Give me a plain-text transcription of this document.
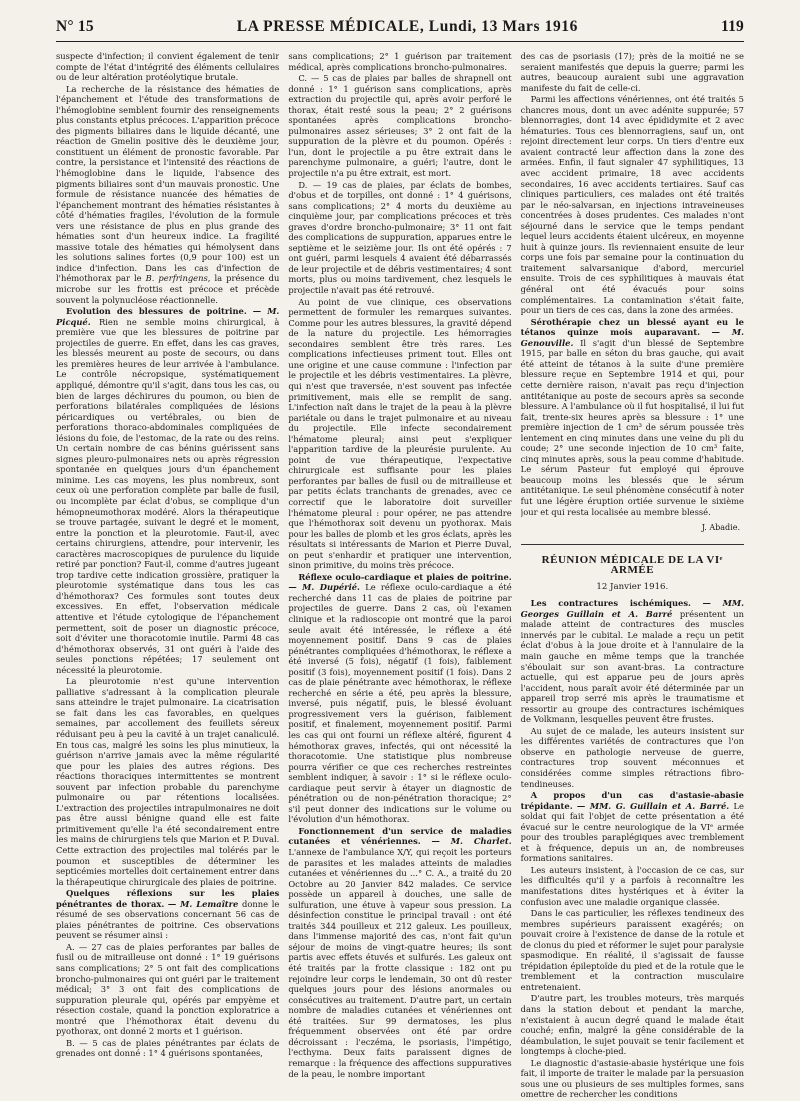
N° 15	LA PRESSE MÉDICALE, Lundi, 13 Mars 1916	119

suspecte d'infection; il convient également de tenir compte de l'état d'intégrité des éléments cellulaires ou de leur altération protéolytique brutale.

La recherche de la résistance des hématies de l'épanchement et l'étude des transformations de l'hémoglobine semblent fournir des renseignements plus constants etplus précoces. L'apparition précoce des pigments biliaires dans le liquide décanté, une réaction de Gmelin positive dès le deuxième jour, constituent un élément de pronostic favorable. Par contre, la persistance et l'intensité des réactions de l'hémoglobine dans le liquide, l'absence des pigments biliaires sont d'un mauvais pronostic. Une formule de résistance nuancée des hématies de l'épanchement montrant des hématies résistantes à côté d'hématies fragiles, l'évolution de la formule vers une résistance de plus en plus grande des hématies sont d'un heureux indice. La fragilité massive totale des hématies qui hémolysent dans les solutions salines fortes (0,9 pour 100) est un indice d'infection. Dans les cas d'infection de l'hémothorax par le B. perfringens, la présence du microbe sur les frottis est précoce et précède souvent la polynucléose réactionnelle.

Evolution des blessures de poitrine. — M. Picqué. Rien ne semble moins chirurgical, à première vue que les blessures de poitrine par projectiles de guerre. En effet, dans les cas graves, les blessés meurent au poste de secours, ou dans les premières heures de leur arrivée à l'ambulance. Le contrôle nécropsique, systématiquement appliqué, démontre qu'il s'agit, dans tous les cas, ou bien de larges déchirures du poumon, ou bien de perforations bilatérales compliquées de lésions péricardiques ou vertébrales, ou bien de perforations thoraco-abdominales compliquées de lésions du foie, de l'estomac, de la rate ou des reins. Un certain nombre de cas bénins guérissent sans signes pleuro-pulmonaires nets ou après régression spontanée en quelques jours d'un épanchement minime. Les cas moyens, les plus nombreux, sont ceux où une perforation complète par balle de fusil, ou incomplète par éclat d'obus, se complique d'un hémopneumothorax modéré. Alors la thérapeutique se trouve partagée, suivant le degré et le moment, entre la ponction et la pleurotomie. Faut-il, avec certains chirurgiens, attendre, pour intervenir, les caractères macroscopiques de purulence du liquide retiré par ponction? Faut-il, comme d'autres jugeant trop tardive cette indication grossière, pratiquer la pleurotomie systématique dans tous les cas d'hémothorax? Ces formules sont toutes deux excessives. En effet, l'observation médicale attentive et l'étude cytologique de l'épanchement permettent, soit de poser un diagnostic précoce, soit d'éviter une thoracotomie inutile. Parmi 48 cas d'hémothorax observés, 31 ont guéri à l'aide des seules ponctions répétées; 17 seulement ont nécessité la pleurotomie.

La pleurotomie n'est qu'une intervention palliative s'adressant à la complication pleurale sans atteindre le trajet pulmonaire. La cicatrisation se fait dans les cas favorables, en quelques semaines, par accollement des feuillets séreux réduisant peu à peu la cavité à un trajet canaliculé. En tous cas, malgré les soins les plus minutieux, la guérison n'arrive jamais avec la même régularité que pour les plaies des autres régions. Des réactions thoraciques intermittentes se montrent souvent par infection probable du parenchyme pulmonaire ou par rétentions localisées. L'extraction des projectiles intrapulmonaires ne doit pas être aussi bénigne quand elle est faite primitivement qu'elle l'a été secondairement entre les mains de chirurgiens tels que Marion et P. Duval. Cette extraction des projectiles mal tolérés par le poumon et susceptibles de déterminer les septicémies mortelles doit certainement entrer dans la thérapeutique chirurgicale des plaies de poitrine.

Quelques réflexions sur les plaies pénétrantes de thorax. — M. Lemaître donne le résumé de ses observations concernant 56 cas de plaies pénétrantes de poitrine. Ces observations peuvent se résumer ainsi :

A. — 27 cas de plaies perforantes par balles de fusil ou de mitrailleuse ont donné : 1° 19 guérisons sans complications; 2° 5 ont fait des complications broncho-pulmonaires qui ont guéri par le traitement médical; 3° 3 ont fait des complications de suppuration pleurale qui, opérés par empyème et résection costale, quand la ponction exploratrice a montré que l'hémothorax était devenu du pyothorax, ont donné 2 morts et 1 guérison.

B. — 5 cas de plaies pénétrantes par éclats de grenades ont donné : 1° 4 guérisons spontanées,

sans complications; 2° 1 guérison par traitement médical, après complications broncho-pulmonaires.

C. — 5 cas de plaies par balles de shrapnell ont donné : 1° 1 guérison sans complications, après extraction du projectile qui, après avoir perforé le thorax, était resté sous la peau; 2° 2 guérisons spontanées après complications broncho-pulmonaires assez sérieuses; 3° 2 ont fait de la suppuration de la plèvre et du poumon. Opérés : l'un, dont le projectile a pu être extrait dans le parenchyme pulmonaire, a guéri; l'autre, dont le projectile n'a pu être extrait, est mort.

D. — 19 cas de plaies, par éclats de bombes, d'obus et de torpilles, ont donné : 1° 4 guérisons, sans complications; 2° 4 morts du deuxième au cinquième jour, par complications précoces et très graves d'ordre broncho-pulmonaire; 3° 11 ont fait des complications de suppuration, apparues entre le septième et le seizième jour. Ils ont été opérés : 7 ont guéri, parmi lesquels 4 avaient été débarrassés de leur projectile et de débris vestimentaires; 4 sont morts, plus ou moins tardivement, chez lesquels le projectile n'avait pas été retrouvé.

Au point de vue clinique, ces observations permettent de formuler les remarques suivantes. Comme pour les autres blessures, la gravité dépend de la nature du projectile. Les hémorragies secondaires semblent être très rares. Les complications infectieuses priment tout. Elles ont une origine et une cause commune : l'infection par le projectile et les débris vestimentaires. La plèvre, qui n'est que traversée, n'est souvent pas infectée primitivement, mais elle se remplit de sang. L'infection naît dans le trajet de la peau à la plèvre pariétale ou dans le trajet pulmonaire et au niveau du projectile. Elle infecte secondairement l'hématome pleural; ainsi peut s'expliquer l'apparition tardive de la pleurésie purulente. Au point de vue thérapeutique, l'expectative chirurgicale est suffisante pour les plaies perforantes par balles de fusil ou de mitrailleuse et par petits éclats tranchants de grenades, avec ce correctif que le laboratoire doit surveiller l'hématome pleural : pour opérer, ne pas attendre que l'hémothorax soit devenu un pyothorax. Mais pour les balles de plomb et les gros éclats, après les résultats si intéressants de Marion et Pierre Duval, on peut s'enhardir et pratiquer une intervention, sinon primitive, du moins très précoce.

Réflexe oculo-cardiaque et plaies de poitrine. — M. Dupérié. Le réflexe oculo-cardiaque a été recherché dans 11 cas de plaies de poitrine par projectiles de guerre. Dans 2 cas, où l'examen clinique et la radioscopie ont montré que la paroi seule avait été intéressée, le réflexe a été moyennement positif. Dans 9 cas de plaies pénétrantes compliquées d'hémothorax, le réflexe a été inversé (5 fois), négatif (1 fois), faiblement positif (3 fois), moyennement positif (1 fois). Dans 2 cas de plaie pénétrante avec hémothorax, le réflexe recherché en série a été, peu après la blessure, inversé, puis négatif, puis, le blessé évoluant progressivement vers la guérison, faiblement positif, et finalement, moyennement positif. Parmi les cas qui ont fourni un réflexe altéré, figurent 4 hémothorax graves, infectés, qui ont nécessité la thoracotomie. Une statistique plus nombreuse pourra vérifier ce que ces recherches restreintes semblent indiquer, à savoir : 1° si le réflexe oculo-cardiaque peut servir à étayer un diagnostic de pénétration ou de non-pénétration thoracique; 2° s'il peut donner des indications sur le volume ou l'évolution d'un hémothorax.

Fonctionnement d'un service de maladies cutanées et vénériennes. — M. Charlet. L'annexe de l'ambulance X/Y, qui reçoit les porteurs de parasites et les malades atteints de maladies cutanées et vénériennes du ...° C. A., a traité du 20 Octobre au 20 Janvier 842 malades. Ce service possède un appareil à douches, une salle de sulfuration, une étuve à vapeur sous pression. La désinfection constitue le principal travail : ont été traités 344 pouilleux et 212 galeux. Les pouilleux, dans l'immense majorité des cas, n'ont fait qu'un séjour de moins de vingt-quatre heures; ils sont partis avec effets étuvés et sulfurés. Les galeux ont été traités par la frotte classique : 182 ont pu rejoindre leur corps le lendemain, 30 ont dû rester quelques jours pour des lésions anormales ou consécutives au traitement. D'autre part, un certain nombre de maladies cutanées et vénériennes ont été traitées. Sur 99 dermatoses, les plus fréquemment observées ont été par ordre décroissant : l'eczéma, le psoriasis, l'impétigo, l'ecthyma. Deux faits paraissent dignes de remarque : la fréquence des affections suppuratives de la peau, le nombre important

des cas de psoriasis (17); près de la moitié ne se seraient manifestés que depuis la guerre; parmi les autres, beaucoup auraient subi une aggravation manifeste du fait de celle-ci.

Parmi les affections vénériennes, ont été traités 5 chancres mous, dont un avec adénite suppurée; 57 blennorragies, dont 14 avec épididymite et 2 avec hématuries. Tous ces blennorragiens, sauf un, ont rejoint directement leur corps. Un tiers d'entre eux avaient contracté leur affection dans la zone des armées. Enfin, il faut signaler 47 syphilitiques, 13 avec accident primaire, 18 avec accidents secondaires, 16 avec accidents tertiaires. Sauf cas cliniques particuliers, ces malades ont été traités par le néo-salvarsan, en injections intraveineuses concentrées à doses prudentes. Ces malades n'ont séjourné dans le service que le temps pendant lequel leurs accidents étaient ulcéreux, en moyenne huit à quinze jours. Ils reviennaient ensuite de leur corps une fois par semaine pour la continuation du traitement salvarsanique d'abord, mercuriel ensuite. Trois de ces syphilitiques à mauvais état général ont été évacués pour soins complémentaires. La contamination s'était faite, pour un tiers de ces cas, dans la zone des armées.

Sérothérapie chez un blessé ayant eu le tétanos quinze mois auparavant. — M. Genouville. Il s'agit d'un blessé de Septembre 1915, par balle en séton du bras gauche, qui avait été atteint de tétanos à la suite d'une première blessure reçue en Septembre 1914 et qui, pour cette dernière raison, n'avait pas reçu d'injection antitétanique au poste de secours après sa seconde blessure. A l'ambulance où il fut hospitalisé, il lui fut fait, trente-six heures après sa blessure : 1° une première injection de 1 cm³ de sérum poussée très lentement en cinq minutes dans une veine du pli du coude; 2° une seconde injection de 10 cm³ faite, cinq minutes après, sous la peau comme d'habitude. Le sérum Pasteur fut employé qui éprouve beaucoup moins les blessés que le sérum antitétanique. Le seul phénomène consécutif à noter fut une légère éruption ortiée survenue le sixième jour et qui resta localisée au membre blessé.

J. Abadie.
RÉUNION MÉDICALE DE LA VIᵉ ARMÉE
12 Janvier 1916.

Les contractures ischémiques. — MM. Georges Guillain et A. Barré présentent un malade atteint de contractures des muscles innervés par le cubital. Le malade a reçu un petit éclat d'obus à la joue droite et à l'annulaire de la main gauche en même temps que la tranchée s'éboulait sur son avant-bras. La contracture actuelle, qui est apparue peu de jours après l'accident, nous paraît avoir été déterminée par un appareil trop serré mis après le traumatisme et ressortir au groupe des contractures ischémiques de Volkmann, lesquelles peuvent être frustes.

Au sujet de ce malade, les auteurs insistent sur les différentes variétés de contractures que l'on observe en pathologie nerveuse de guerre, contractures trop souvent méconnues et considérées comme simples rétractions fibro-tendineuses.

A propos d'un cas d'astasie-abasie trépidante. — MM. G. Guillain et A. Barré. Le soldat qui fait l'objet de cette présentation a été évacué sur le centre neurologique de la VIᵉ armée pour des troubles paraplégiques avec tremblement et à fréquence, depuis un an, de nombreuses formations sanitaires.

Les auteurs insistent, à l'occasion de ce cas, sur les difficultés qu'il y a parfois à reconnaître les manifestations dites hystériques et à éviter la confusion avec une maladie organique classée.

Dans le cas particulier, les réflexes tendineux des membres supérieurs paraissent exagérés; on pouvait croire à l'existence de danse de la rotule et de clonus du pied et réformer le sujet pour paralysie spasmodique. En réalité, il s'agissait de fausse trépidation épileptoïde du pied et de la rotule que le tremblement et la contraction musculaire entretenaient.

D'autre part, les troubles moteurs, très marqués dans la station debout et pendant la marche, n'existaient à aucun degré quand le malade était couché; enfin, malgré la gêne considérable de la déambulation, le sujet pouvait se tenir facilement et longtemps à cloche-pied.

Le diagnostic d'astasie-abasie hystérique une fois fait, il importe de traiter le malade par la persuasion sous une ou plusieurs de ses multiples formes, sans omettre de rechercher les conditions
